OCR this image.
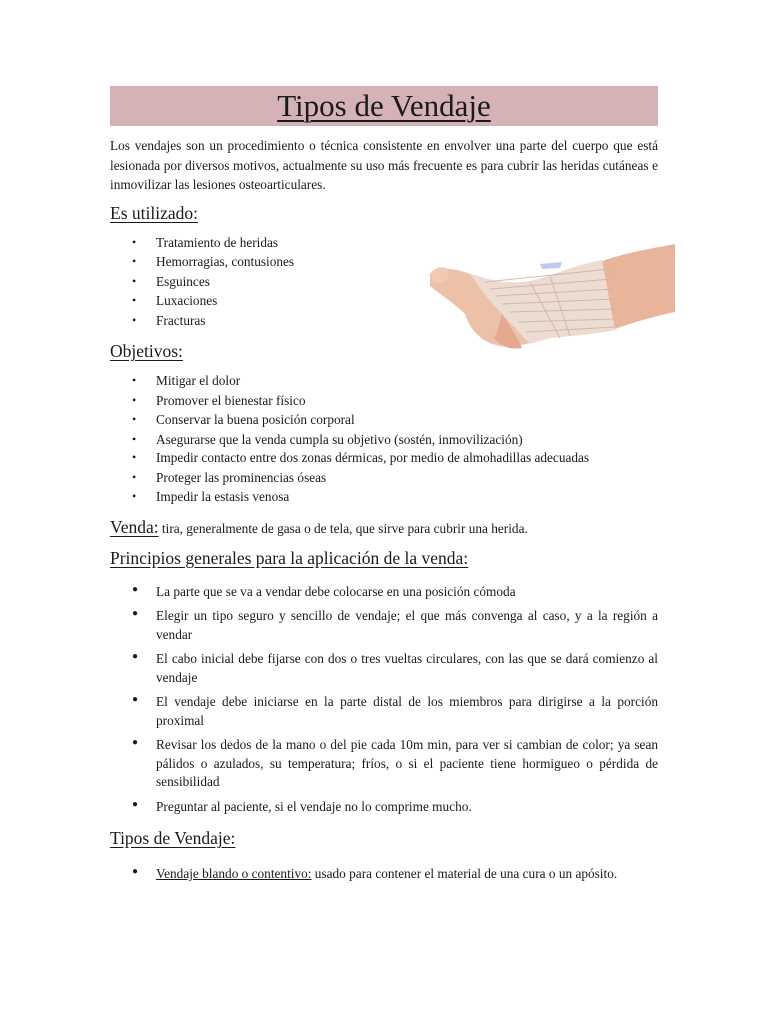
Tipos de Vendaje

Los vendajes son un procedimiento o técnica consistente en envolver una parte del cuerpo que está lesionada por diversos motivos, actualmente su uso más frecuente es para cubrir las heridas cutáneas e inmovilizar las lesiones osteoarticulares.

Es utilizado:
• Tratamiento de heridas
• Hemorragias, contusiones
• Esguinces
• Luxaciones
• Fracturas
Objetivos:
• Mitigar el dolor
• Promover el bienestar físico
• Conservar la buena posición corporal
• Asegurarse que la venda cumpla su objetivo (sostén, inmovilización)
• Impedir contacto entre dos zonas dérmicas, por medio de almohadillas adecuadas
• Proteger las prominencias óseas
• Impedir la estasis venosa
Venda: tira, generalmente de gasa o de tela, que sirve para cubrir una herida.
Principios generales para la aplicación de la venda:
● La parte que se va a vendar debe colocarse en una posición cómoda
● Elegir un tipo seguro y sencillo de vendaje; el que más convenga al caso, y a la región a vendar
● El cabo inicial debe fijarse con dos o tres vueltas circulares, con las que se dará comienzo al vendaje
● El vendaje debe iniciarse en la parte distal de los miembros para dirigirse a la porción proximal
● Revisar los dedos de la mano o del pie cada 10m min, para ver si cambian de color; ya sean pálidos o azulados, su temperatura; fríos, o si el paciente tiene hormigueo o pérdida de sensibilidad
● Preguntar al paciente, si el vendaje no lo comprime mucho.
Tipos de Vendaje:
● Vendaje blando o contentivo: usado para contener el material de una cura o un apósito.
